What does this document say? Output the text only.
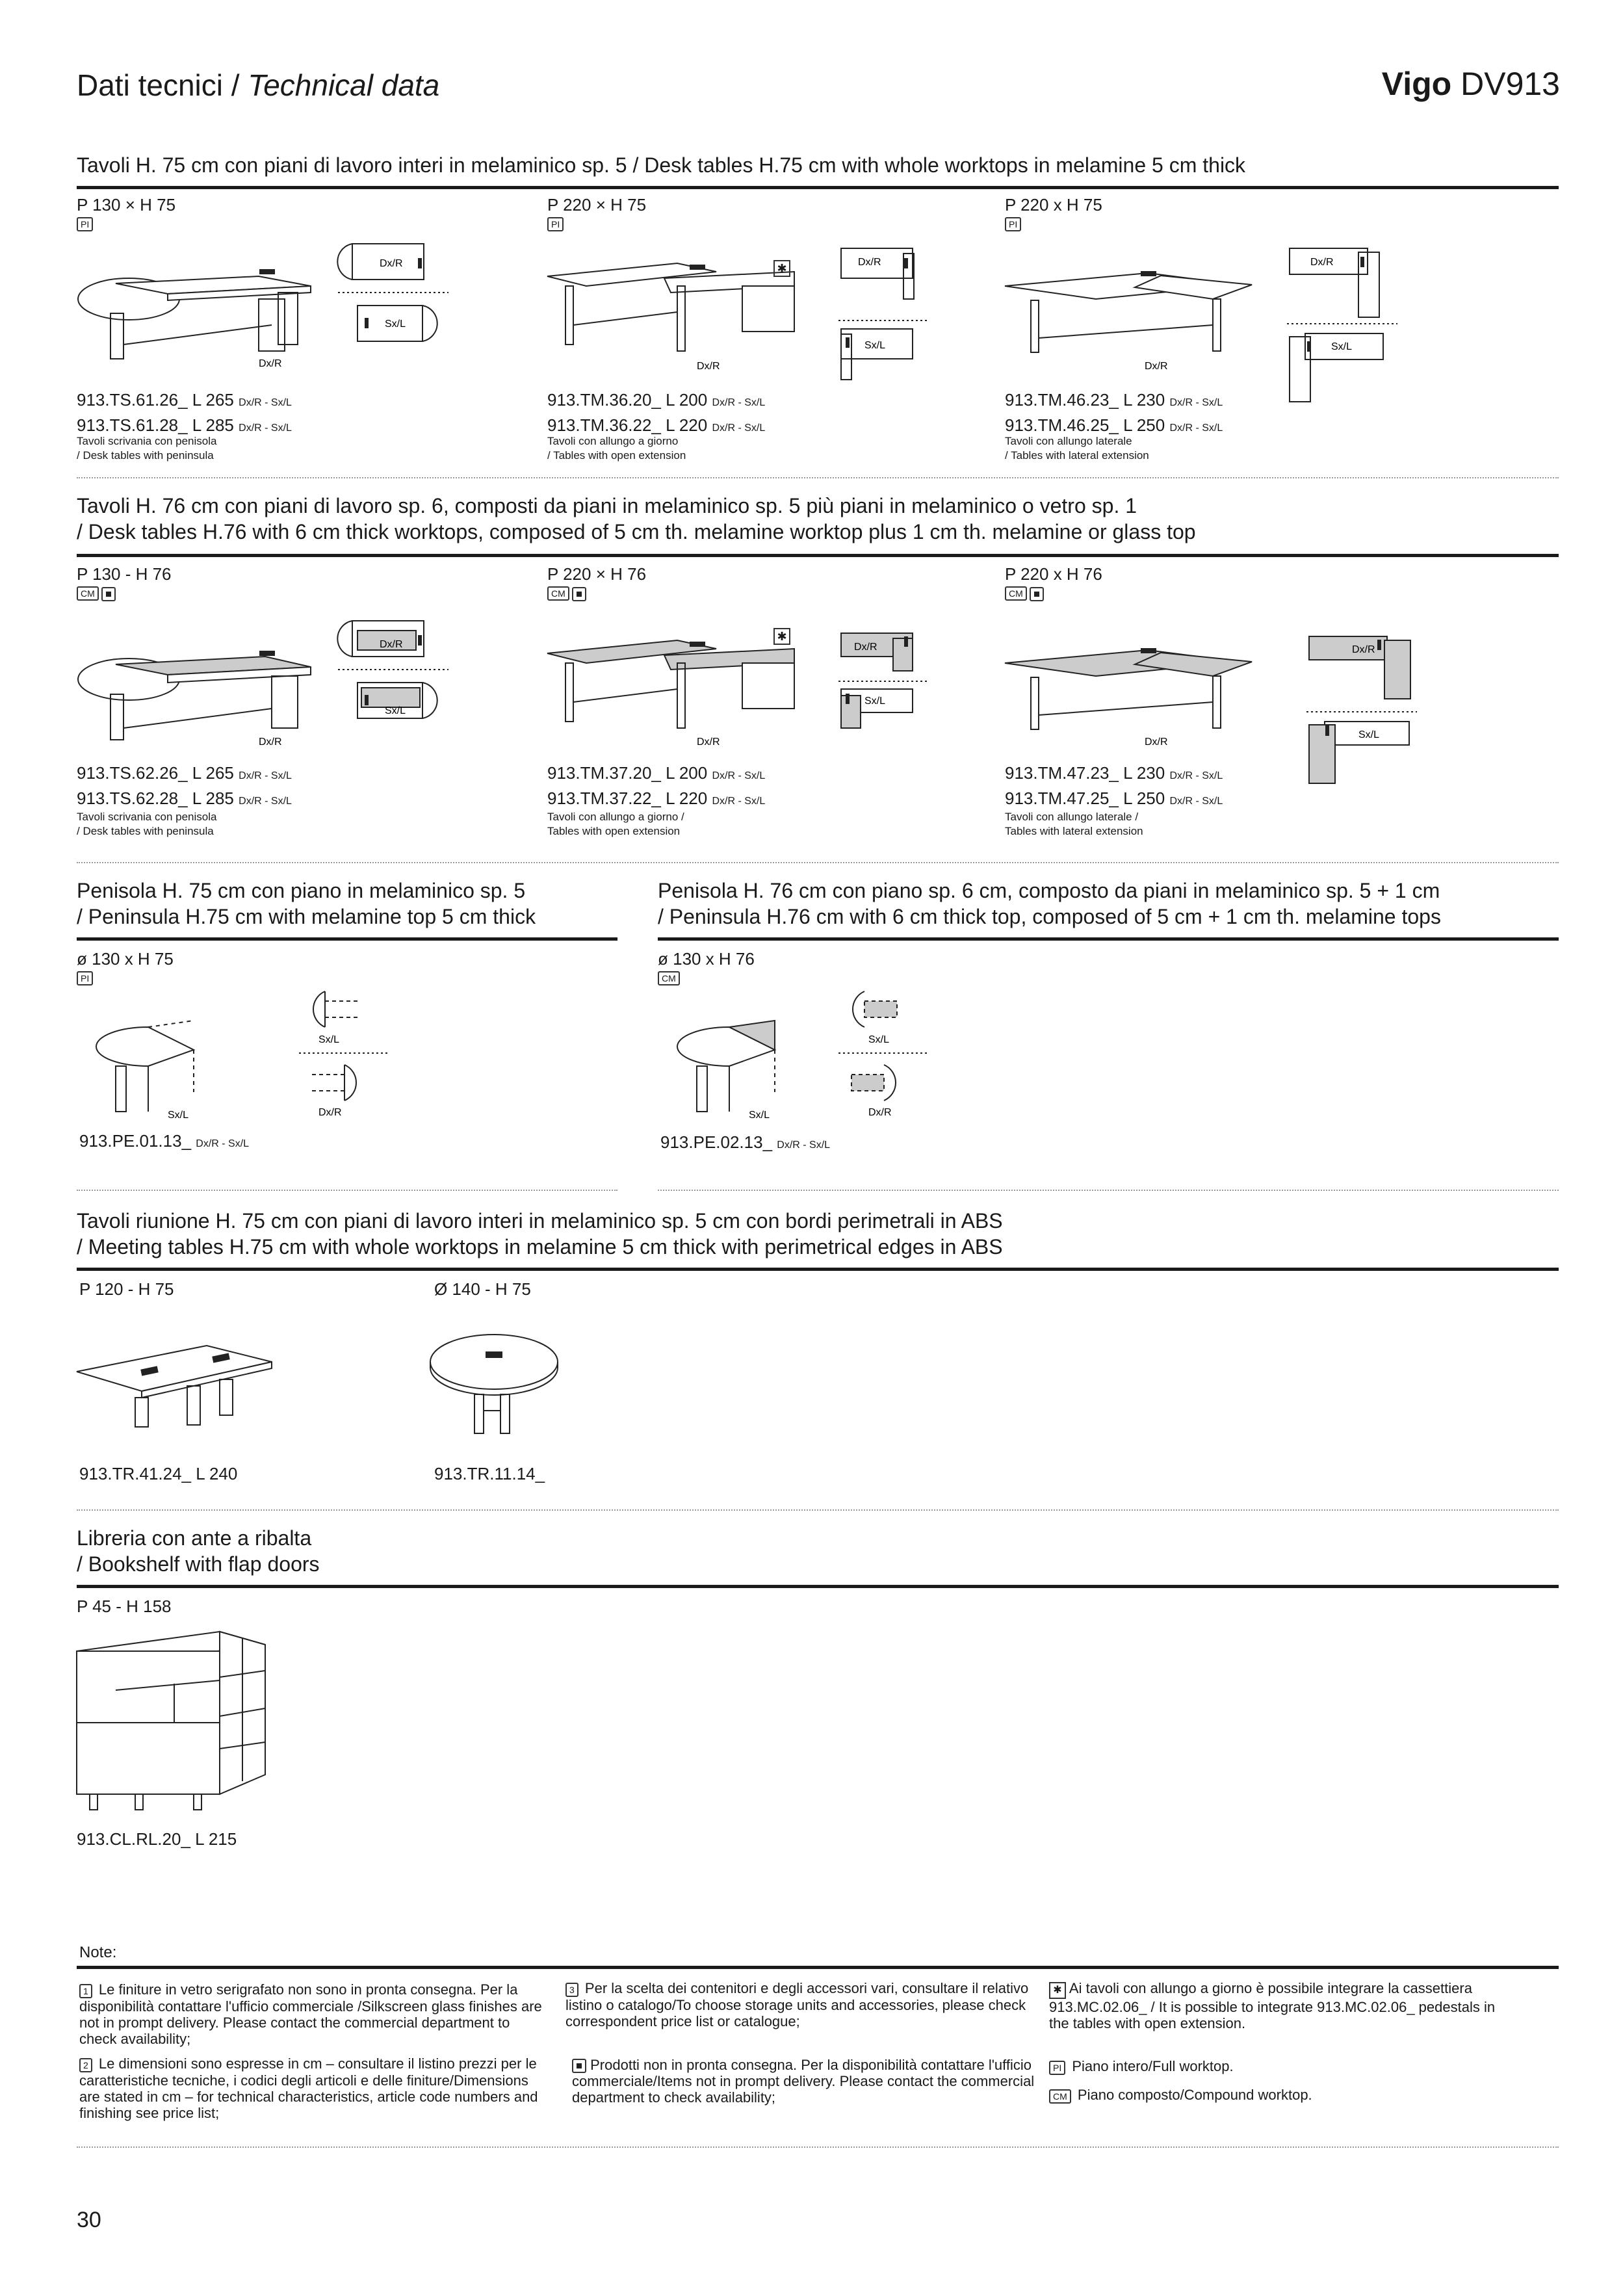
Dati tecnici / Technical data	Vigo DV913
Tavoli H. 75 cm con piani di lavoro interi in melaminico sp. 5 / Desk tables H.75 cm with whole worktops in melamine 5 cm thick
P 130 × H 75
PI
Dx/R
Dx/R
Sx/L
913.TS.61.26_ L 265 Dx/R - Sx/L
913.TS.61.28_ L 285 Dx/R - Sx/L
Tavoli scrivania con penisola
/ Desk tables with peninsula
P 220 × H 75
PI
Dx/R
✱	Dx/R
Sx/L
913.TM.36.20_ L 200 Dx/R - Sx/L
913.TM.36.22_ L 220 Dx/R - Sx/L
Tavoli con allungo a giorno
/ Tables with open extension
P 220 x H 75
PI
Dx/R
Dx/R
Sx/L
913.TM.46.23_ L 230 Dx/R - Sx/L
913.TM.46.25_ L 250 Dx/R - Sx/L
Tavoli con allungo laterale
/ Tables with lateral extension
Tavoli H. 76 cm con piani di lavoro sp. 6, composti da piani in melaminico sp. 5 più piani in melaminico o vetro sp. 1
/ Desk tables H.76 with 6 cm thick worktops, composed of 5 cm th. melamine worktop plus 1 cm th. melamine or glass top
P 130 - H 76
CM
Dx/R
Dx/R
Sx/L
913.TS.62.26_ L 265 Dx/R - Sx/L
913.TS.62.28_ L 285 Dx/R - Sx/L
Tavoli scrivania con penisola
/ Desk tables with peninsula
P 220 × H 76
CM
Dx/R
✱
Dx/R
Sx/L
913.TM.37.20_ L 200 Dx/R - Sx/L
913.TM.37.22_ L 220 Dx/R - Sx/L
Tavoli con allungo a giorno /
Tables with open extension
P 220 x H 76
CM
Dx/R
Dx/R
Sx/L
913.TM.47.23_ L 230 Dx/R - Sx/L
913.TM.47.25_ L 250 Dx/R - Sx/L
Tavoli con allungo laterale /
Tables with lateral extension
Penisola H. 75 cm con piano in melaminico sp. 5
/ Peninsula H.75 cm with melamine top 5 cm thick
Penisola H. 76 cm con piano sp. 6 cm, composto da piani in melaminico sp. 5 + 1 cm
/ Peninsula H.76 cm with 6 cm thick top, composed of 5 cm + 1 cm th. melamine tops
ø 130 x H 75
PI
Sx/L
Sx/L
Dx/R
913.PE.01.13_ Dx/R - Sx/L
ø 130 x H 76
CM
Sx/L
Sx/L
Dx/R
913.PE.02.13_ Dx/R - Sx/L
Tavoli riunione H. 75 cm con piani di lavoro interi in melaminico sp. 5 cm con bordi perimetrali in ABS
/ Meeting tables H.75 cm with whole worktops in melamine 5 cm thick with perimetrical edges in ABS
P 120 - H 75
913.TR.41.24_ L 240
Ø 140 - H 75
913.TR.11.14_
Libreria con ante a ribalta
/ Bookshelf with flap doors
P 45 - H 158
913.CL.RL.20_ L 215
Note:
1 Le finiture in vetro serigrafato non sono in pronta consegna. Per la disponibilità contattare l'ufficio commerciale /Silkscreen glass finishes are not in prompt delivery. Please contact the commercial department to check availability;
2 Le dimensioni sono espresse in cm – consultare il listino prezzi per le caratteristiche tecniche, i codici degli articoli e delle finiture/Dimensions are stated in cm – for technical characteristics, article code numbers and finishing see price list;
3 Per la scelta dei contenitori e degli accessori vari, consultare il relativo listino o catalogo/To choose storage units and accessories, please check correspondent price list or catalogue;
Prodotti non in pronta consegna. Per la disponibilità contattare l'ufficio commerciale/Items not in prompt delivery. Please contact the commercial department to check availability;
✱ Ai tavoli con allungo a giorno è possibile integrare la cassettiera 913.MC.02.06_ / It is possible to integrate 913.MC.02.06_ pedestals in the tables with open extension.
PI Piano intero/Full worktop.
CM Piano composto/Compound worktop.
30
